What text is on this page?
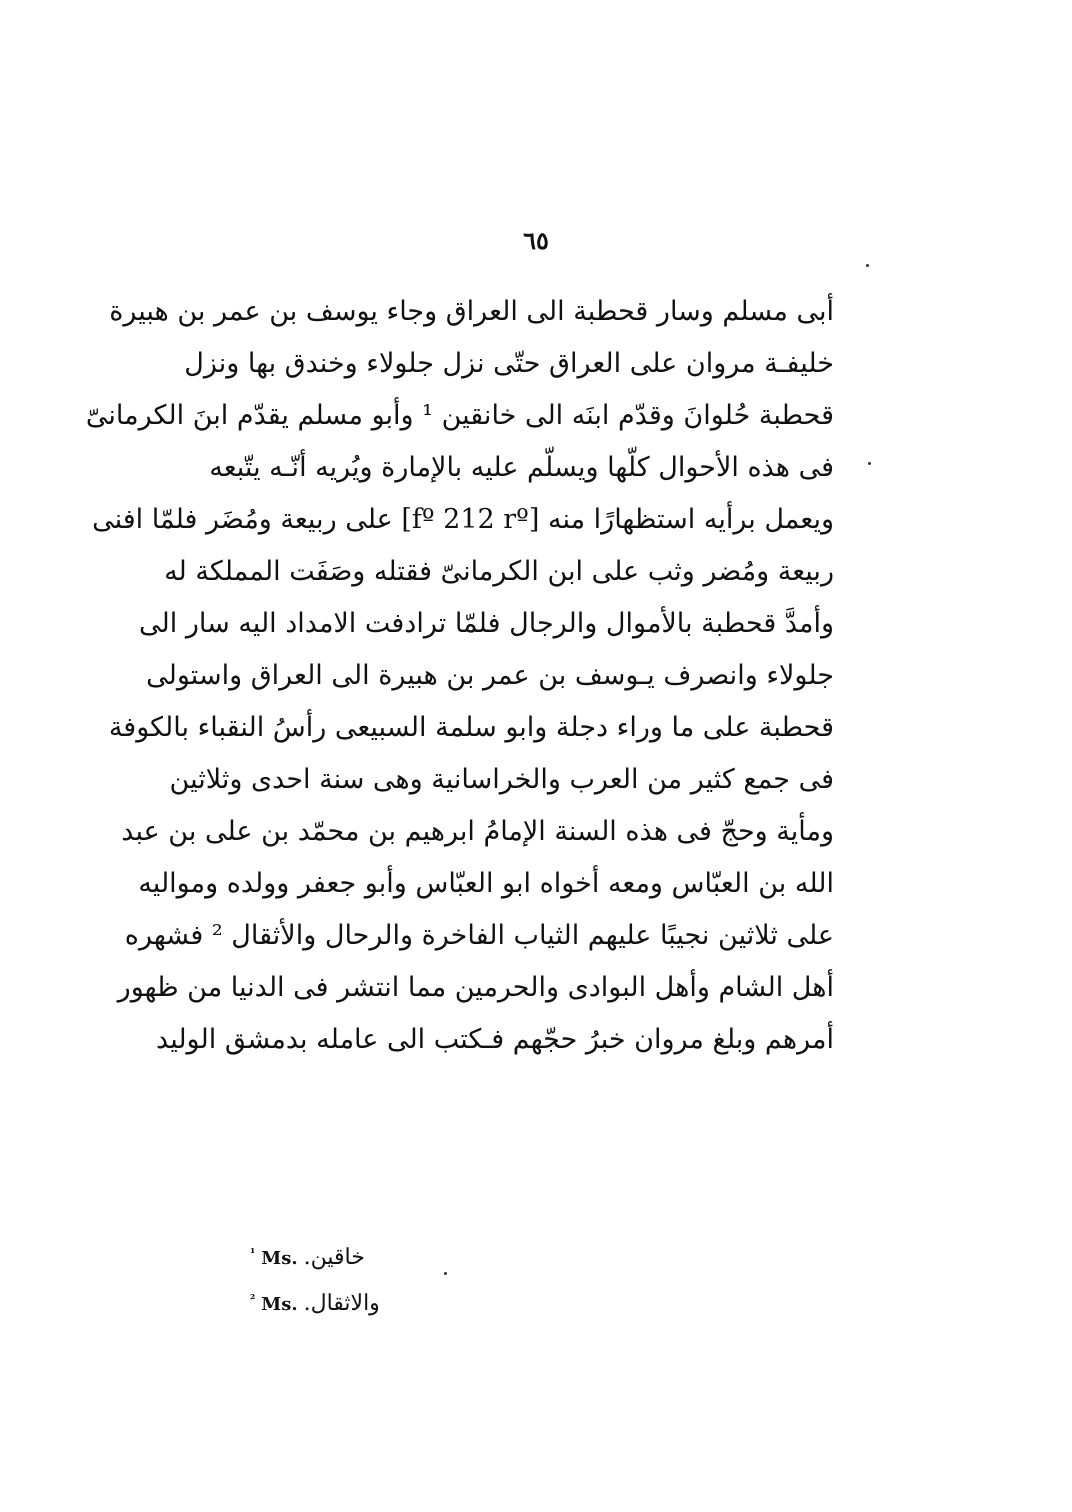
٦٥
أبى مسلم وسار قحطبة الى العراق وجاء يوسف بن عمر بن هبيرة
خليفـة مروان على العراق حتّى نزل جلولاء وخندق بها ونزل
قحطبة حُلوانَ وقدّم ابنَه الى خانقين ¹ وأبو مسلم يقدّم ابنَ الكرمانىّ
فى هذه الأحوال كلّها ويسلّم عليه بالإمارة ويُريه أنّـه يتّبعه
ويعمل برأيه استظهارًا منه [fº 212 rº] على ربيعة ومُضَر فلمّا افنى
ربيعة ومُضر وثب على ابن الكرمانىّ فقتله وصَفَت المملكة له
وأمدَّ قحطبة بالأموال والرجال فلمّا ترادفت الامداد اليه سار الى
جلولاء وانصرف يـوسف بن عمر بن هبيرة الى العراق واستولى
قحطبة على ما وراء دجلة وابو سلمة السبيعى رأسُ النقباء بالكوفة
فى جمع كثير من العرب والخراسانية وهى سنة احدى وثلاثين
ومأية وحجّ فى هذه السنة الإمامُ ابرهيم بن محمّد بن على بن عبد
الله بن العبّاس ومعه أخواه ابو العبّاس وأبو جعفر وولده ومواليه
على ثلاثين نجيبًا عليهم الثياب الفاخرة والرحال والأثقال ² فشهره
أهل الشام وأهل البوادى والحرمين مما انتشر فى الدنيا من ظهور
أمرهم وبلغ مروان خبرُ حجّهم فـكتب الى عامله بدمشق الوليد
$^{^1}$ Ms. خاقين.
$^{^2}$ Ms. والاثقال.
